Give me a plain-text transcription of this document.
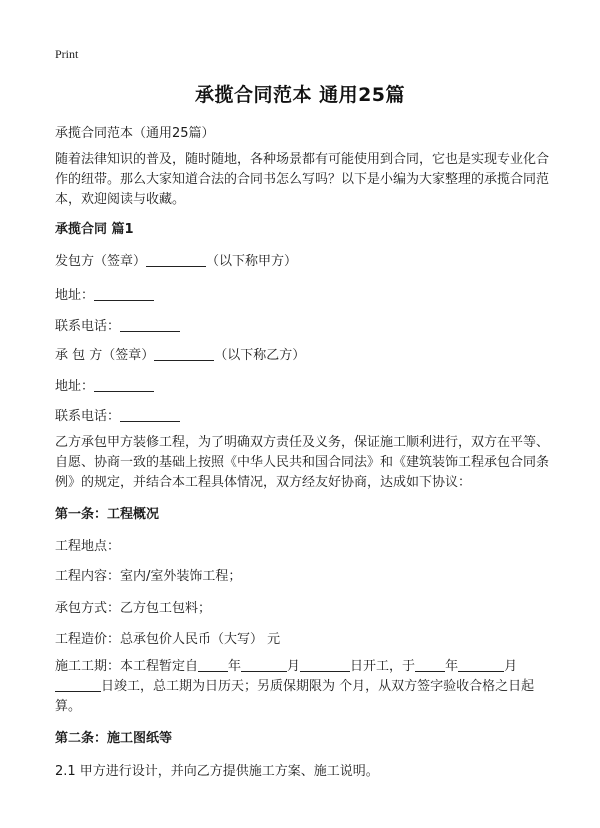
Print
承揽合同范本 通用25篇
承揽合同范本（通用25篇）
随着法律知识的普及，随时随地，各种场景都有可能使用到合同，它也是实现专业化合作的纽带。那么大家知道合法的合同书怎么写吗？以下是小编为大家整理的承揽合同范本，欢迎阅读与收藏。
承揽合同 篇1
发包方（签章）	（以下称甲方）
地址：
联系电话：
承 包 方（签章）	（以下称乙方）
地址：
联系电话：
乙方承包甲方装修工程，为了明确双方责任及义务，保证施工顺利进行，双方在平等、自愿、协商一致的基础上按照《中华人民共和国合同法》和《建筑装饰工程承包合同条例》的规定，并结合本工程具体情况，双方经友好协商，达成如下协议：
第一条：工程概况
工程地点：
工程内容：室内/室外装饰工程；
承包方式：乙方包工包料；
工程造价：总承包价人民币（大写） 元
施工工期：本工程暂定自 年	月	日开工，于 年	月日竣工，总工期为日历天；另质保期限为 个月，从双方签字验收合格之日起算。
第二条：施工图纸等
2.1 甲方进行设计，并向乙方提供施工方案、施工说明。
